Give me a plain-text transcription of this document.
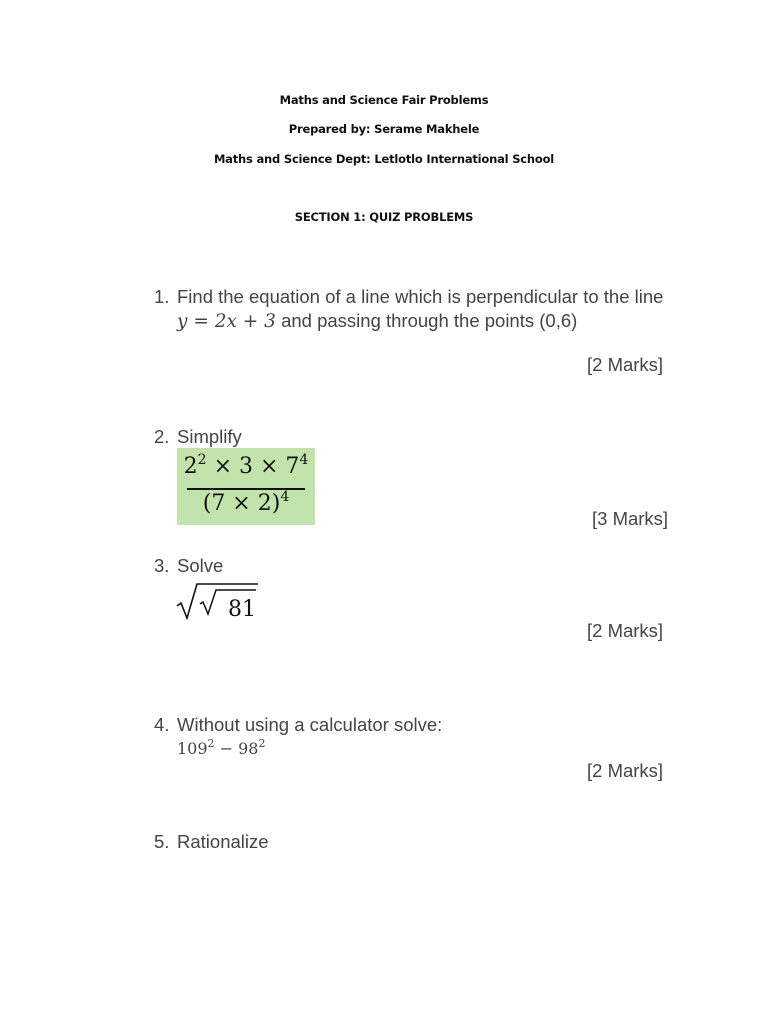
Maths and Science Fair Problems
Prepared by: Serame Makhele
Maths and Science Dept: Letlotlo International School
SECTION 1: QUIZ PROBLEMS
1. Find the equation of a line which is perpendicular to the line
y = 2x + 3 and passing through the points (0,6)
[2 Marks]
2. Simplify
$2^2 \times 3 \times 7^4$
$(7 \times 2)^4$
[3 Marks]
3. Solve
81
[2 Marks]
4. Without using a calculator solve:
$109^2 - 98^2$
[2 Marks]
5. Rationalize
